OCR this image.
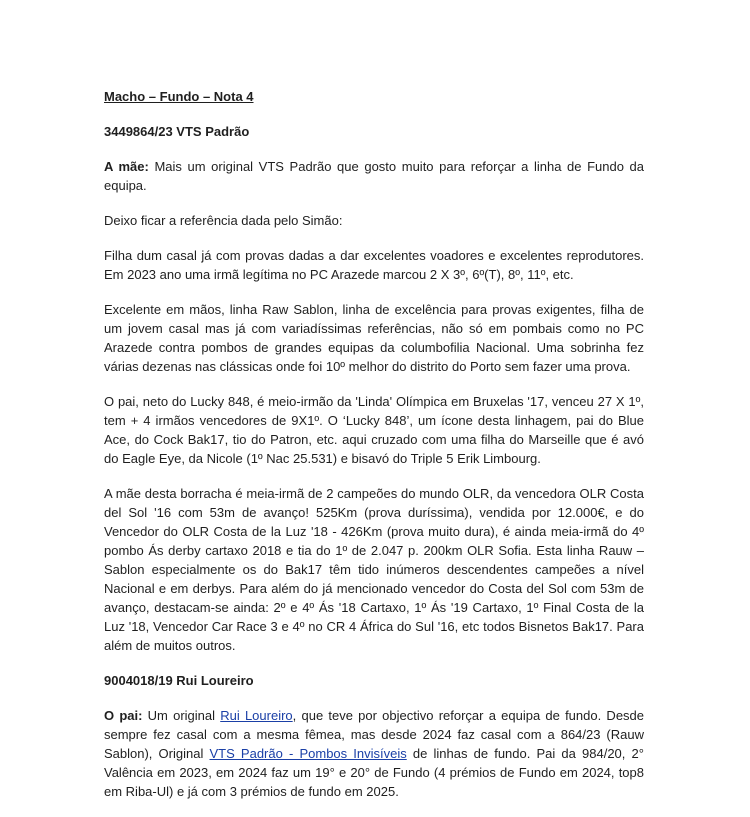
Macho – Fundo – Nota 4
3449864/23 VTS Padrão

A mãe: Mais um original VTS Padrão que gosto muito para reforçar a linha de Fundo da equipa.

Deixo ficar a referência dada pelo Simão:

Filha dum casal já com provas dadas a dar excelentes voadores e excelentes reprodutores. Em 2023 ano uma irmã legítima no PC Arazede marcou 2 X 3º, 6º(T), 8º, 11º, etc.

Excelente em mãos, linha Raw Sablon, linha de excelência para provas exigentes, filha de um jovem casal mas já com variadíssimas referências, não só em pombais como no PC Arazede contra pombos de grandes equipas da columbofilia Nacional. Uma sobrinha fez várias dezenas nas clássicas onde foi 10º melhor do distrito do Porto sem fazer uma prova.

O pai, neto do Lucky 848, é meio-irmão da 'Linda' Olímpica em Bruxelas '17, venceu 27 X 1º, tem + 4 irmãos vencedores de 9X1º. O ‘Lucky 848’, um ícone desta linhagem, pai do Blue Ace, do Cock Bak17, tio do Patron, etc. aqui cruzado com uma filha do Marseille que é avó do Eagle Eye, da Nicole (1º Nac 25.531) e bisavó do Triple 5 Erik Limbourg.

A mãe desta borracha é meia-irmã de 2 campeões do mundo OLR, da vencedora OLR Costa del Sol '16 com 53m de avanço! 525Km (prova duríssima), vendida por 12.000€, e do Vencedor do OLR Costa de la Luz '18 - 426Km (prova muito dura), é ainda meia-irmã do 4º pombo Ás derby cartaxo 2018 e tia do 1º de 2.047 p. 200km OLR Sofia. Esta linha Rauw – Sablon especialmente os do Bak17 têm tido inúmeros descendentes campeões a nível Nacional e em derbys. Para além do já mencionado vencedor do Costa del Sol com 53m de avanço, destacam-se ainda: 2º e 4º Ás '18 Cartaxo, 1º Ás '19 Cartaxo, 1º Final Costa de la Luz '18, Vencedor Car Race 3 e 4º no CR 4 África do Sul '16, etc todos Bisnetos Bak17. Para além de muitos outros.

9004018/19 Rui Loureiro

O pai: Um original Rui Loureiro, que teve por objectivo reforçar a equipa de fundo. Desde sempre fez casal com a mesma fêmea, mas desde 2024 faz casal com a 864/23 (Rauw Sablon), Original VTS Padrão - Pombos Invisíveis de linhas de fundo. Pai da 984/20, 2° Valência em 2023, em 2024 faz um 19° e 20° de Fundo (4 prémios de Fundo em 2024, top8 em Riba-Ul) e já com 3 prémios de fundo em 2025.
